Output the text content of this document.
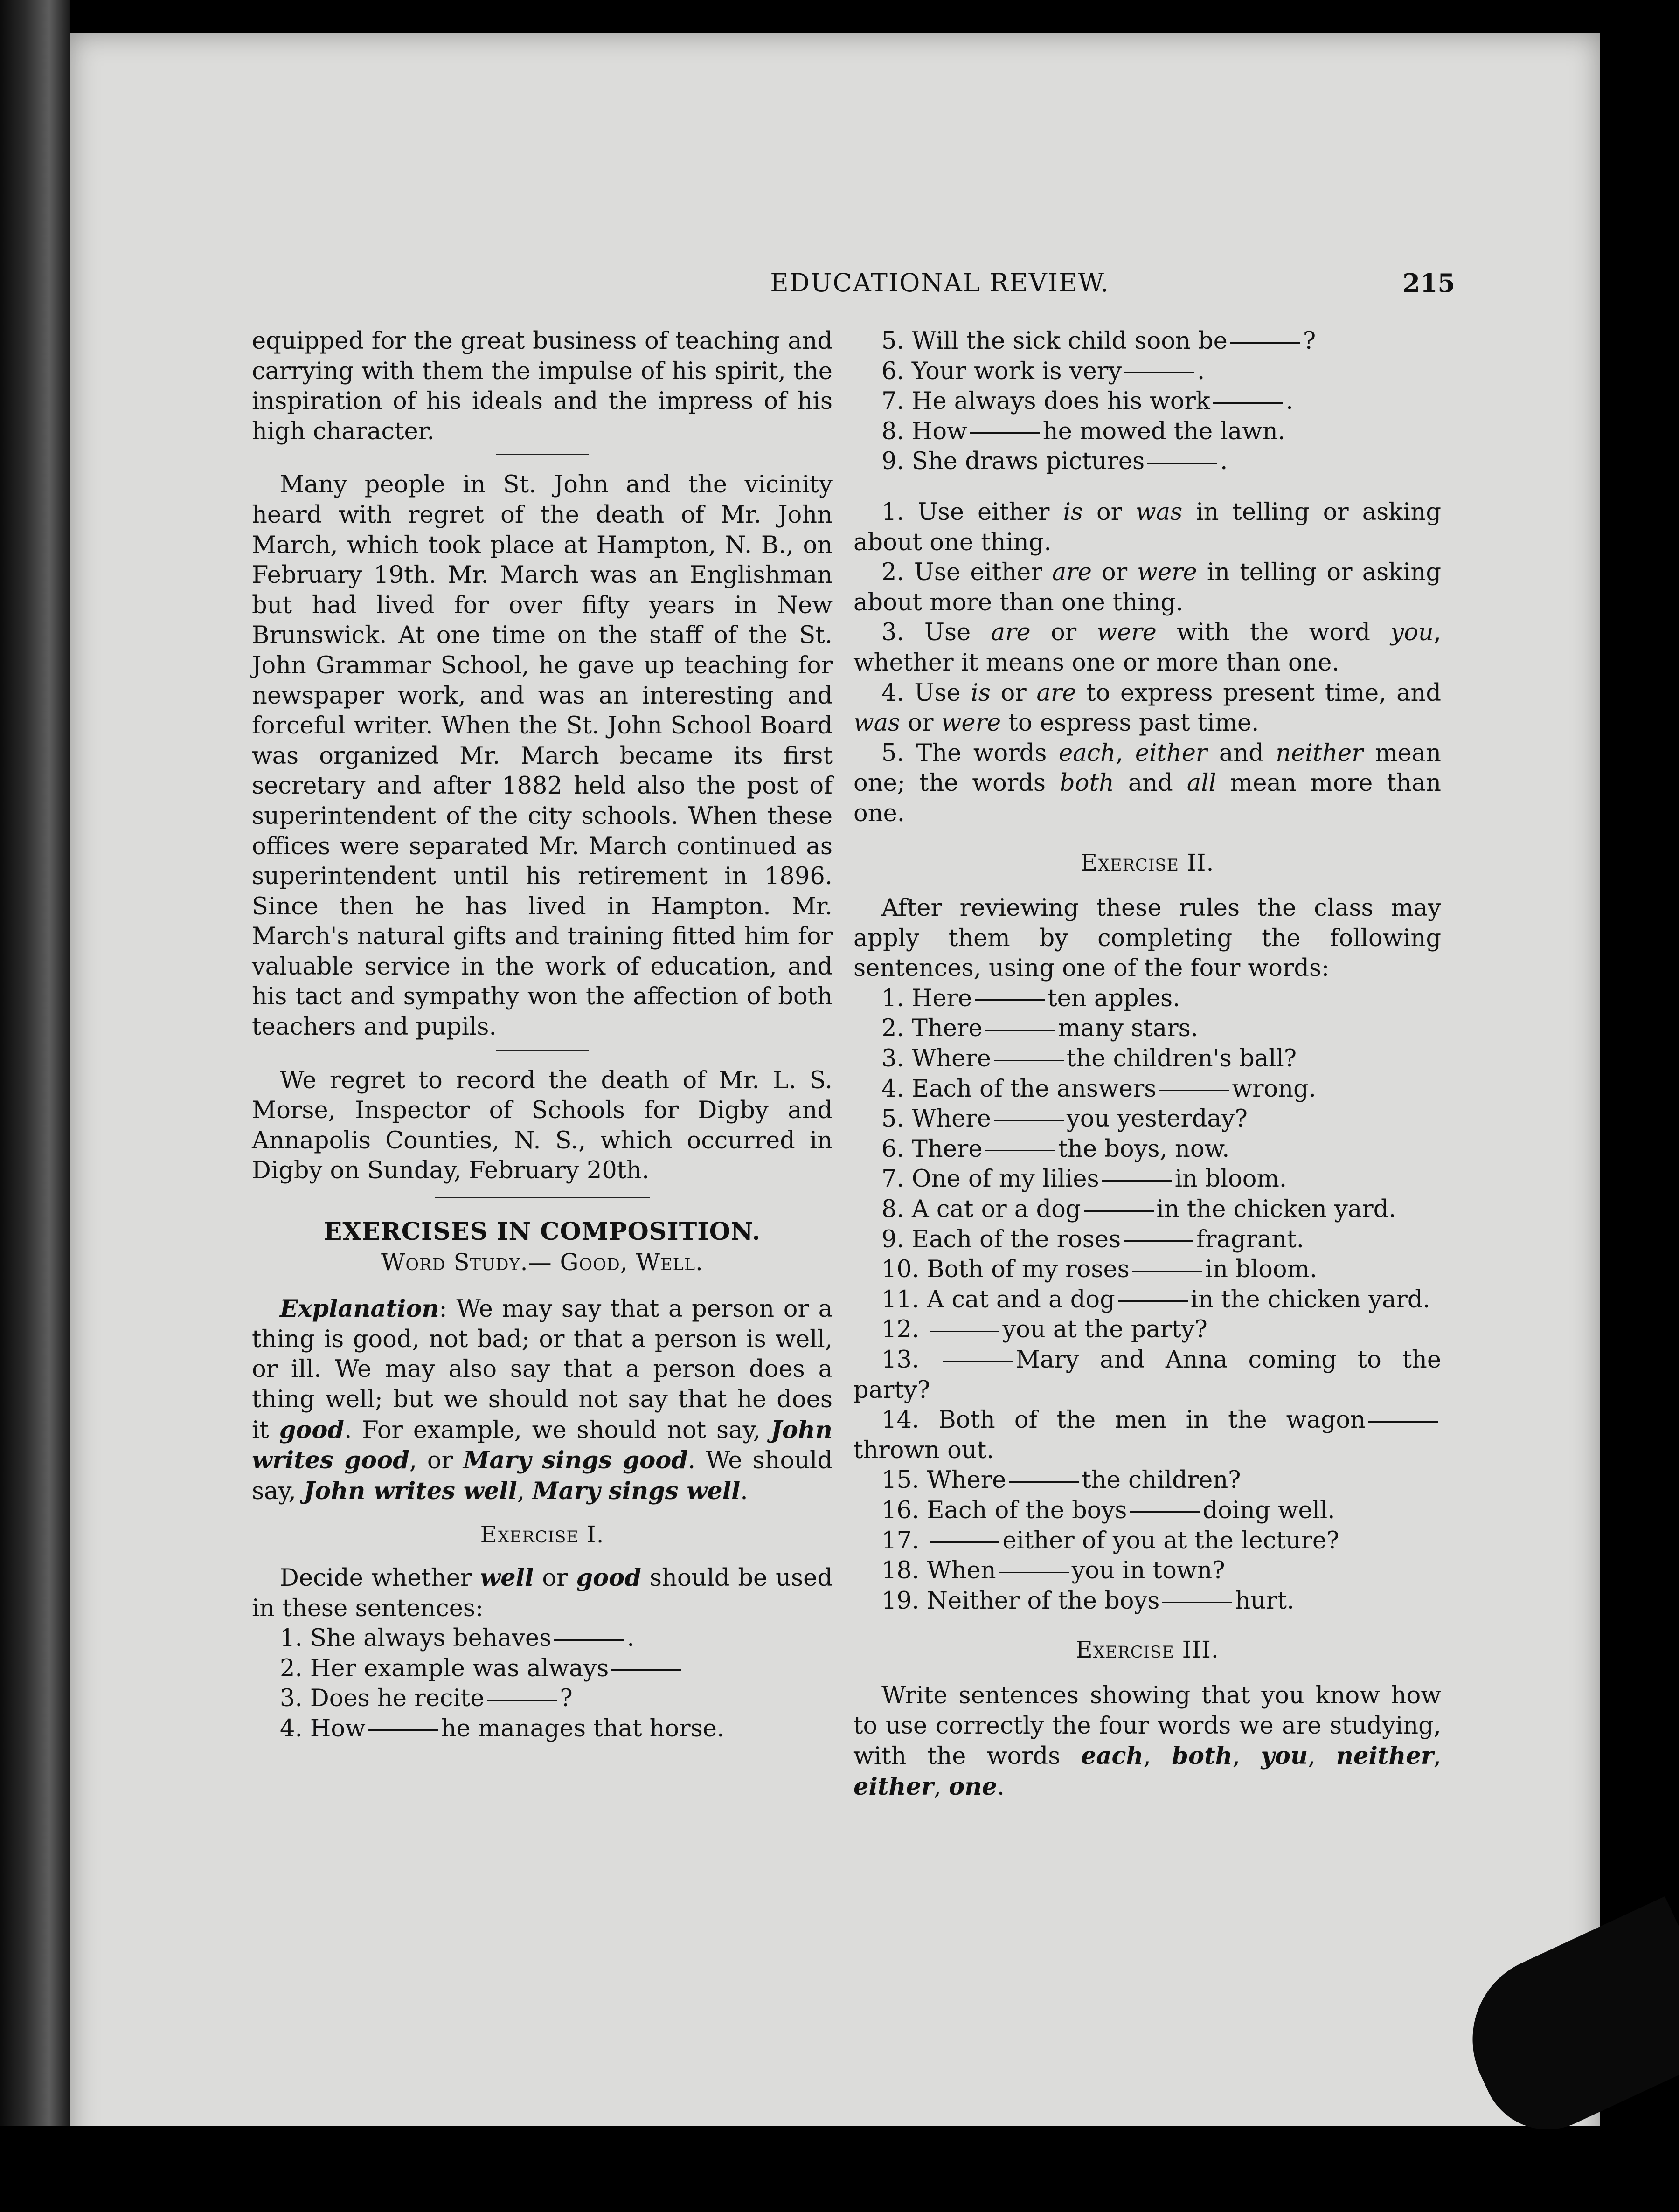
EDUCATIONAL REVIEW.	215

equipped for the great business of teaching and carrying with them the impulse of his spirit, the inspiration of his ideals and the impress of his high character.

Many people in St. John and the vicinity heard with regret of the death of Mr. John March, which took place at Hampton, N. B., on February 19th. Mr. March was an Englishman but had lived for over fifty years in New Brunswick. At one time on the staff of the St. John Grammar School, he gave up teaching for newspaper work, and was an interesting and forceful writer. When the St. John School Board was organized Mr. March became its first secretary and after 1882 held also the post of superintendent of the city schools. When these offices were separated Mr. March continued as superintendent until his retirement in 1896. Since then he has lived in Hampton. Mr. March's natural gifts and training fitted him for valuable service in the work of education, and his tact and sympathy won the affection of both teachers and pupils.

We regret to record the death of Mr. L. S. Morse, Inspector of Schools for Digby and Annapolis Counties, N. S., which occurred in Digby on Sunday, February 20th.

EXERCISES IN COMPOSITION.

Word Study.— Good, Well.

Explanation: We may say that a person or a thing is good, not bad; or that a person is well, or ill. We may also say that a person does a thing well; but we should not say that he does it good. For example, we should not say, John writes good, or Mary sings good. We should say, John writes well, Mary sings well.

Exercise I.

Decide whether well or good should be used in these sentences:

1. She always behaves	.

2. Her example was always

3. Does he recite	?

4. How	he manages that horse.

5. Will the sick child soon be	?

6. Your work is very	.

7. He always does his work	.

8. How	he mowed the lawn.

9. She draws pictures	.

1. Use either is or was in telling or asking about one thing.

2. Use either are or were in telling or asking about more than one thing.

3. Use are or were with the word you, whether it means one or more than one.

4. Use is or are to express present time, and was or were to espress past time.

5. The words each, either and neither mean one; the words both and all mean more than one.

Exercise II.

After reviewing these rules the class may apply them by completing the following sentences, using one of the four words:

1. Here	ten apples.

2. There	many stars.

3. Where	the children's ball?

4. Each of the answers	wrong.

5. Where	you yesterday?

6. There	the boys, now.

7. One of my lilies	in bloom.

8. A cat or a dog	in the chicken yard.

9. Each of the roses	fragrant.

10. Both of my roses	in bloom.

11. A cat and a dog	in the chicken yard.

12.	you at the party?

13.	Mary and Anna coming to the party?

14. Both of the men in the wagonthrown out.

15. Where	the children?

16. Each of the boys	doing well.

17.	either of you at the lecture?

18. When	you in town?

19. Neither of the boys	hurt.

Exercise III.

Write sentences showing that you know how to use correctly the four words we are studying, with the words each, both, you, neither, either, one.
